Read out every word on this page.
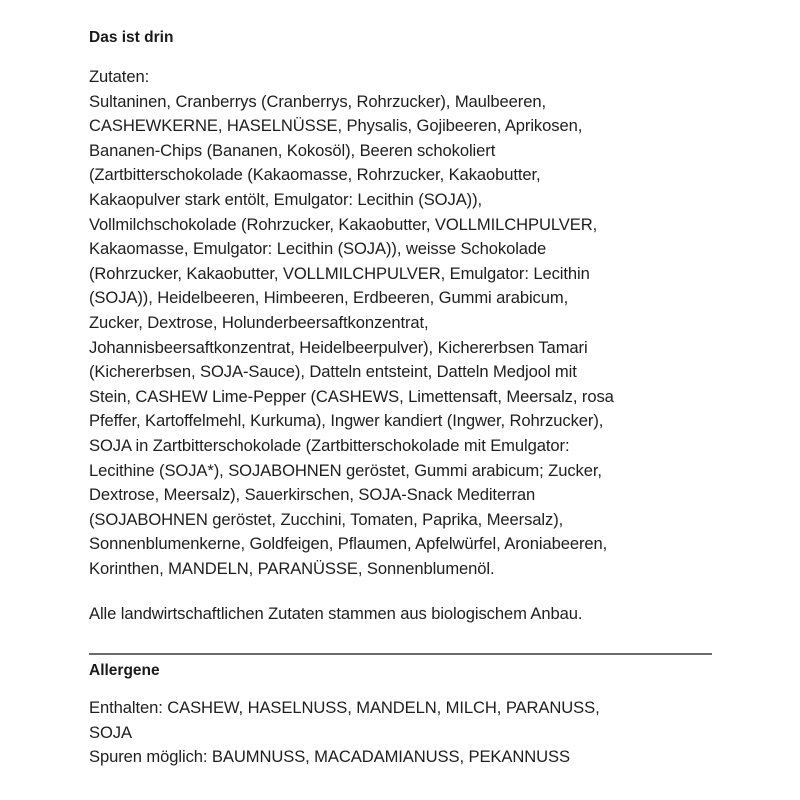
Das ist drin
Zutaten:
Sultaninen, Cranberrys (Cranberrys, Rohrzucker), Maulbeeren,
CASHEWKERNE, HASELNÜSSE, Physalis, Gojibeeren, Aprikosen,
Bananen-Chips (Bananen, Kokosöl), Beeren schokoliert
(Zartbitterschokolade (Kakaomasse, Rohrzucker, Kakaobutter,
Kakaopulver stark entölt, Emulgator: Lecithin (SOJA)),
Vollmilchschokolade (Rohrzucker, Kakaobutter, VOLLMILCHPULVER,
Kakaomasse, Emulgator: Lecithin (SOJA)), weisse Schokolade
(Rohrzucker, Kakaobutter, VOLLMILCHPULVER, Emulgator: Lecithin
(SOJA)), Heidelbeeren, Himbeeren, Erdbeeren, Gummi arabicum,
Zucker, Dextrose, Holunderbeersaftkonzentrat,
Johannisbeersaftkonzentrat, Heidelbeerpulver), Kichererbsen Tamari
(Kichererbsen, SOJA-Sauce), Datteln entsteint, Datteln Medjool mit
Stein, CASHEW Lime-Pepper (CASHEWS, Limettensaft, Meersalz, rosa
Pfeffer, Kartoffelmehl, Kurkuma), Ingwer kandiert (Ingwer, Rohrzucker),
SOJA in Zartbitterschokolade (Zartbitterschokolade mit Emulgator:
Lecithine (SOJA*), SOJABOHNEN geröstet, Gummi arabicum; Zucker,
Dextrose, Meersalz), Sauerkirschen, SOJA-Snack Mediterran
(SOJABOHNEN geröstet, Zucchini, Tomaten, Paprika, Meersalz),
Sonnenblumenkerne, Goldfeigen, Pflaumen, Apfelwürfel, Aroniabeeren,
Korinthen, MANDELN, PARANÜSSE, Sonnenblumenöl.

Alle landwirtschaftlichen Zutaten stammen aus biologischem Anbau.

Allergene
Enthalten: CASHEW, HASELNUSS, MANDELN, MILCH, PARANUSS,
SOJA
Spuren möglich: BAUMNUSS, MACADAMIANUSS, PEKANNUSS
